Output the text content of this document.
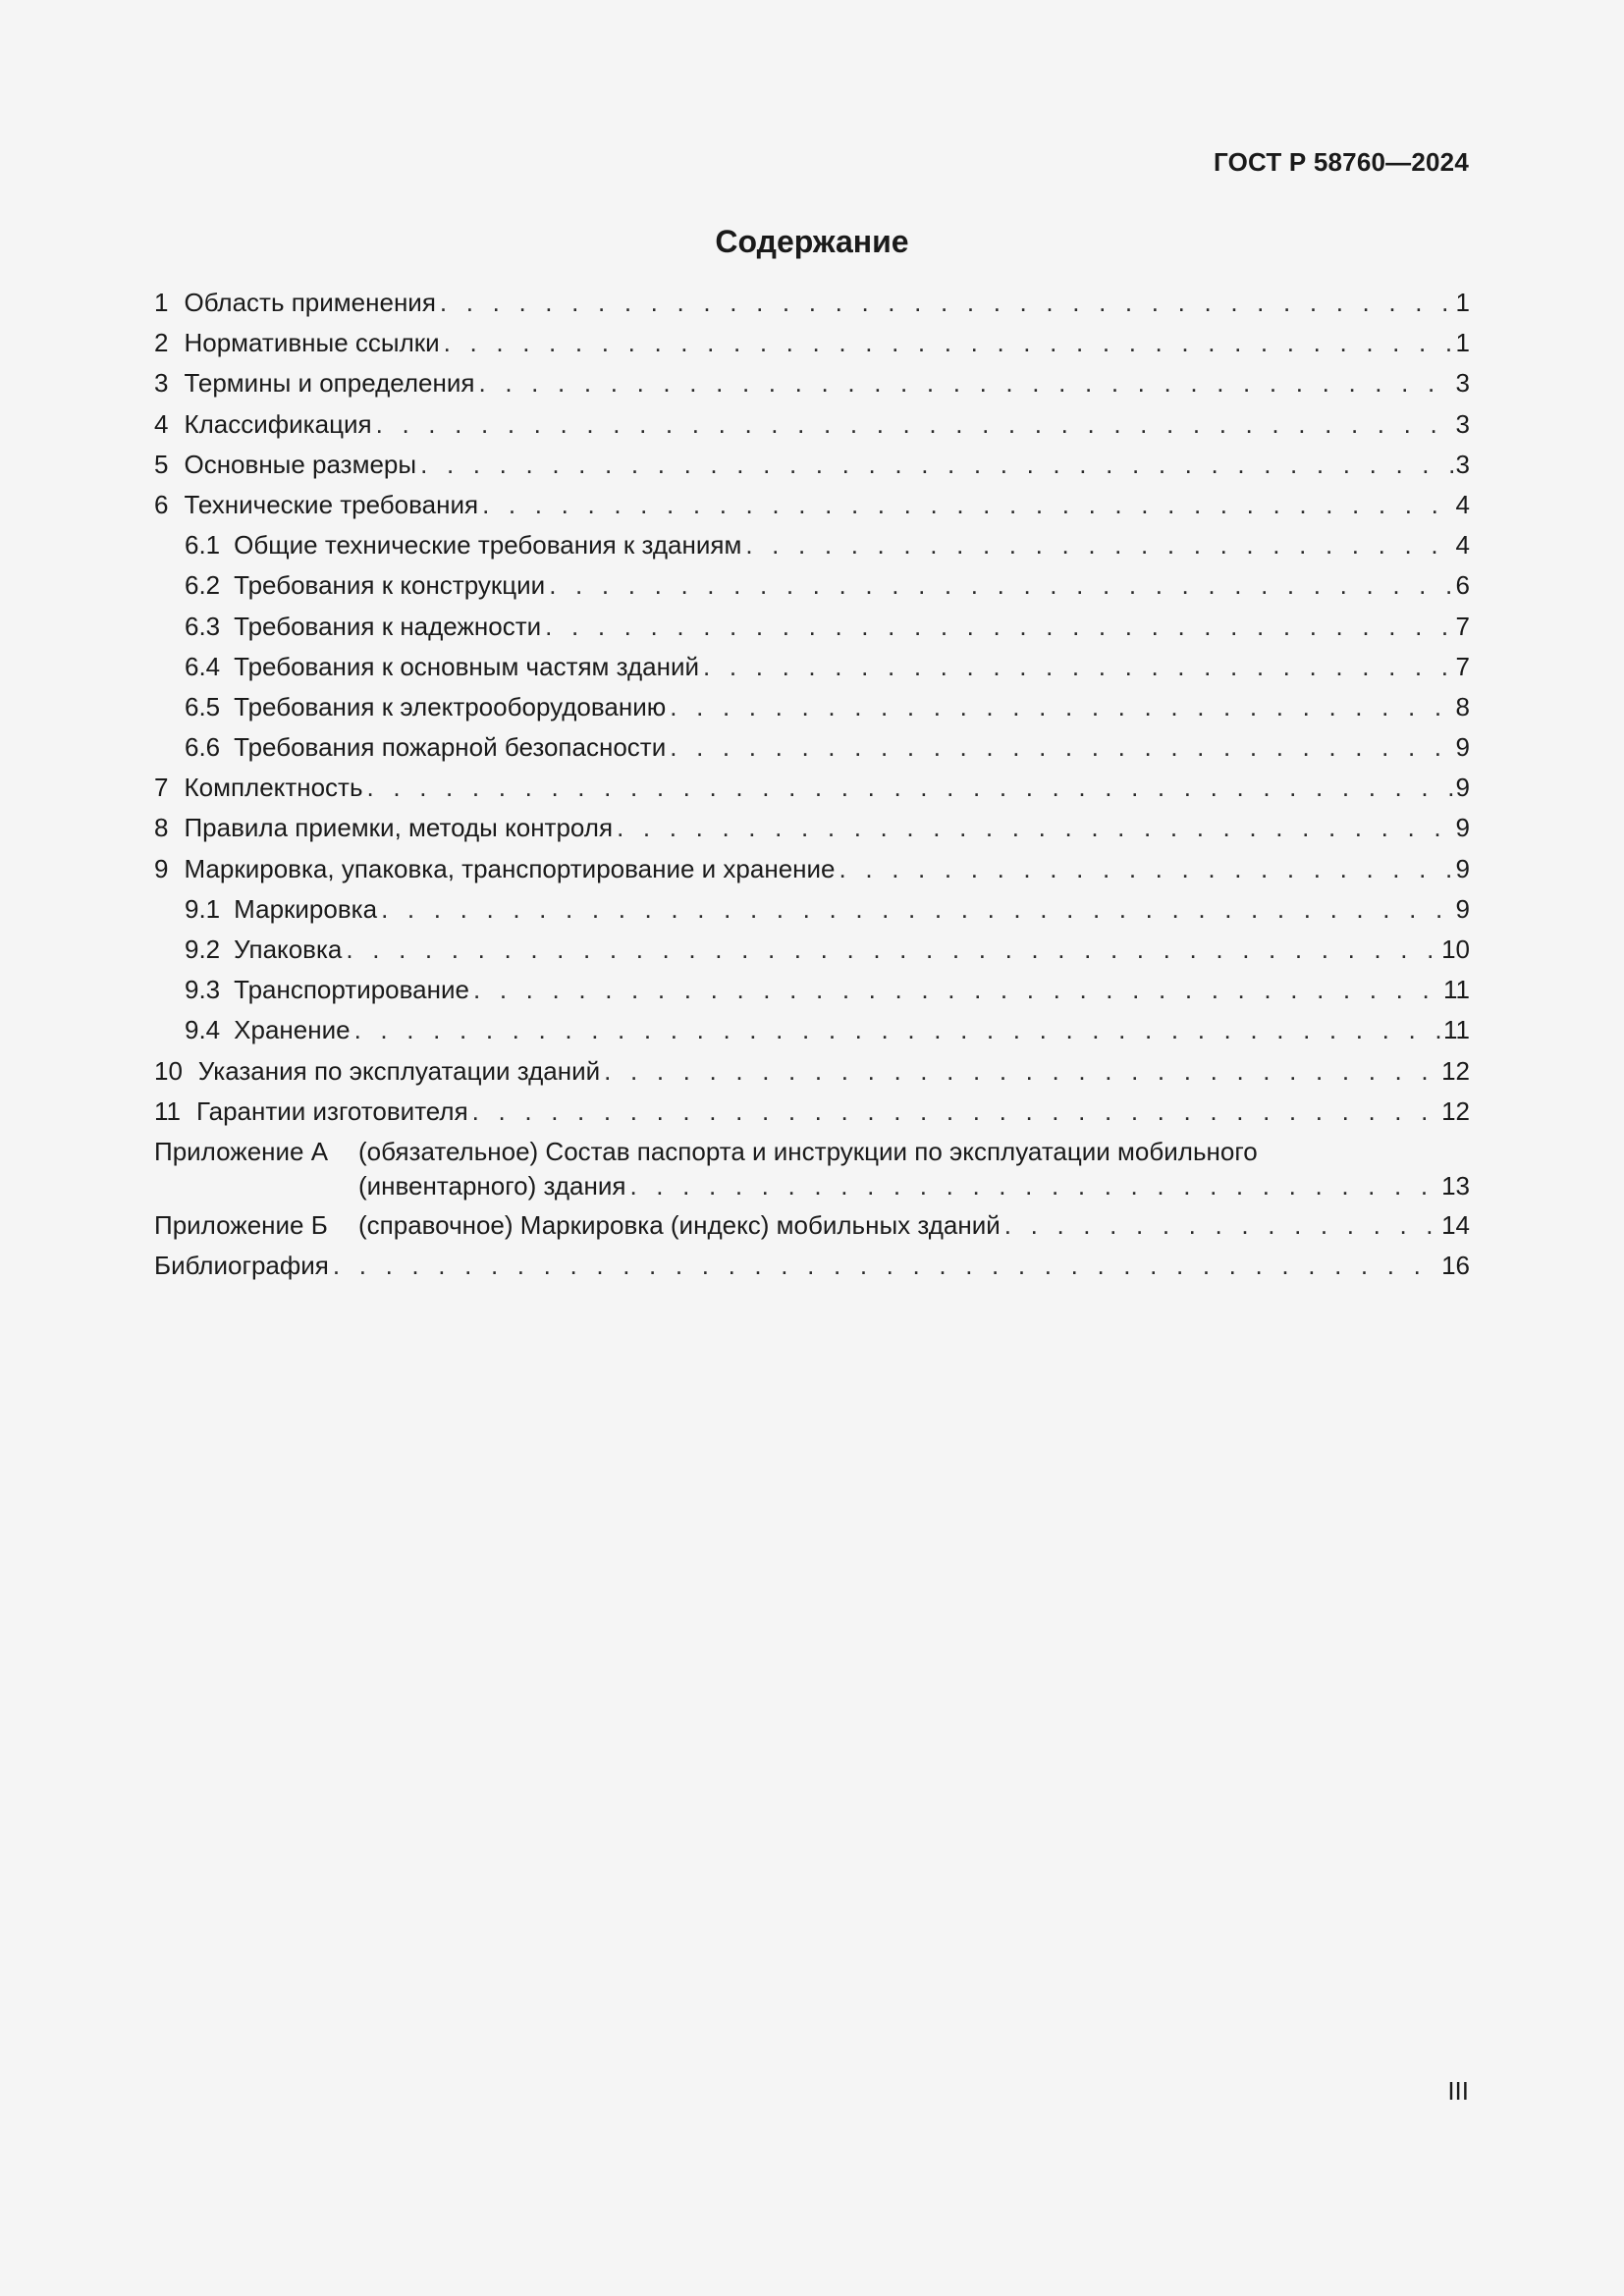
ГОСТ Р 58760—2024
Содержание
1 Область применения . . .	1
2 Нормативные ссылки . . .	1
3 Термины и определения . . .	3
4 Классификация . . .	3
5 Основные размеры . . .	3
6 Технические требования . . .	4
6.1 Общие технические требования к зданиям . . .	4
6.2 Требования к конструкции . . .	6
6.3 Требования к надежности . . .	7
6.4 Требования к основным частям зданий . . .	7
6.5 Требования к электрооборудованию . . .	8
6.6 Требования пожарной безопасности . . .	9
7 Комплектность . . .	9
8 Правила приемки, методы контроля . . .	9
9 Маркировка, упаковка, транспортирование и хранение . . .	9
9.1 Маркировка . . .	9
9.2 Упаковка . . .	10
9.3 Транспортирование . . .	11
9.4 Хранение . . .	11
10 Указания по эксплуатации зданий . . .	12
11 Гарантии изготовителя . . .	12
Приложение А	(обязательное) Состав паспорта и инструкции по эксплуатации мобильного
(инвентарного) здания . . .	13
Приложение Б	(справочное) Маркировка (индекс) мобильных зданий . . .	14
Библиография . . .	16
III
